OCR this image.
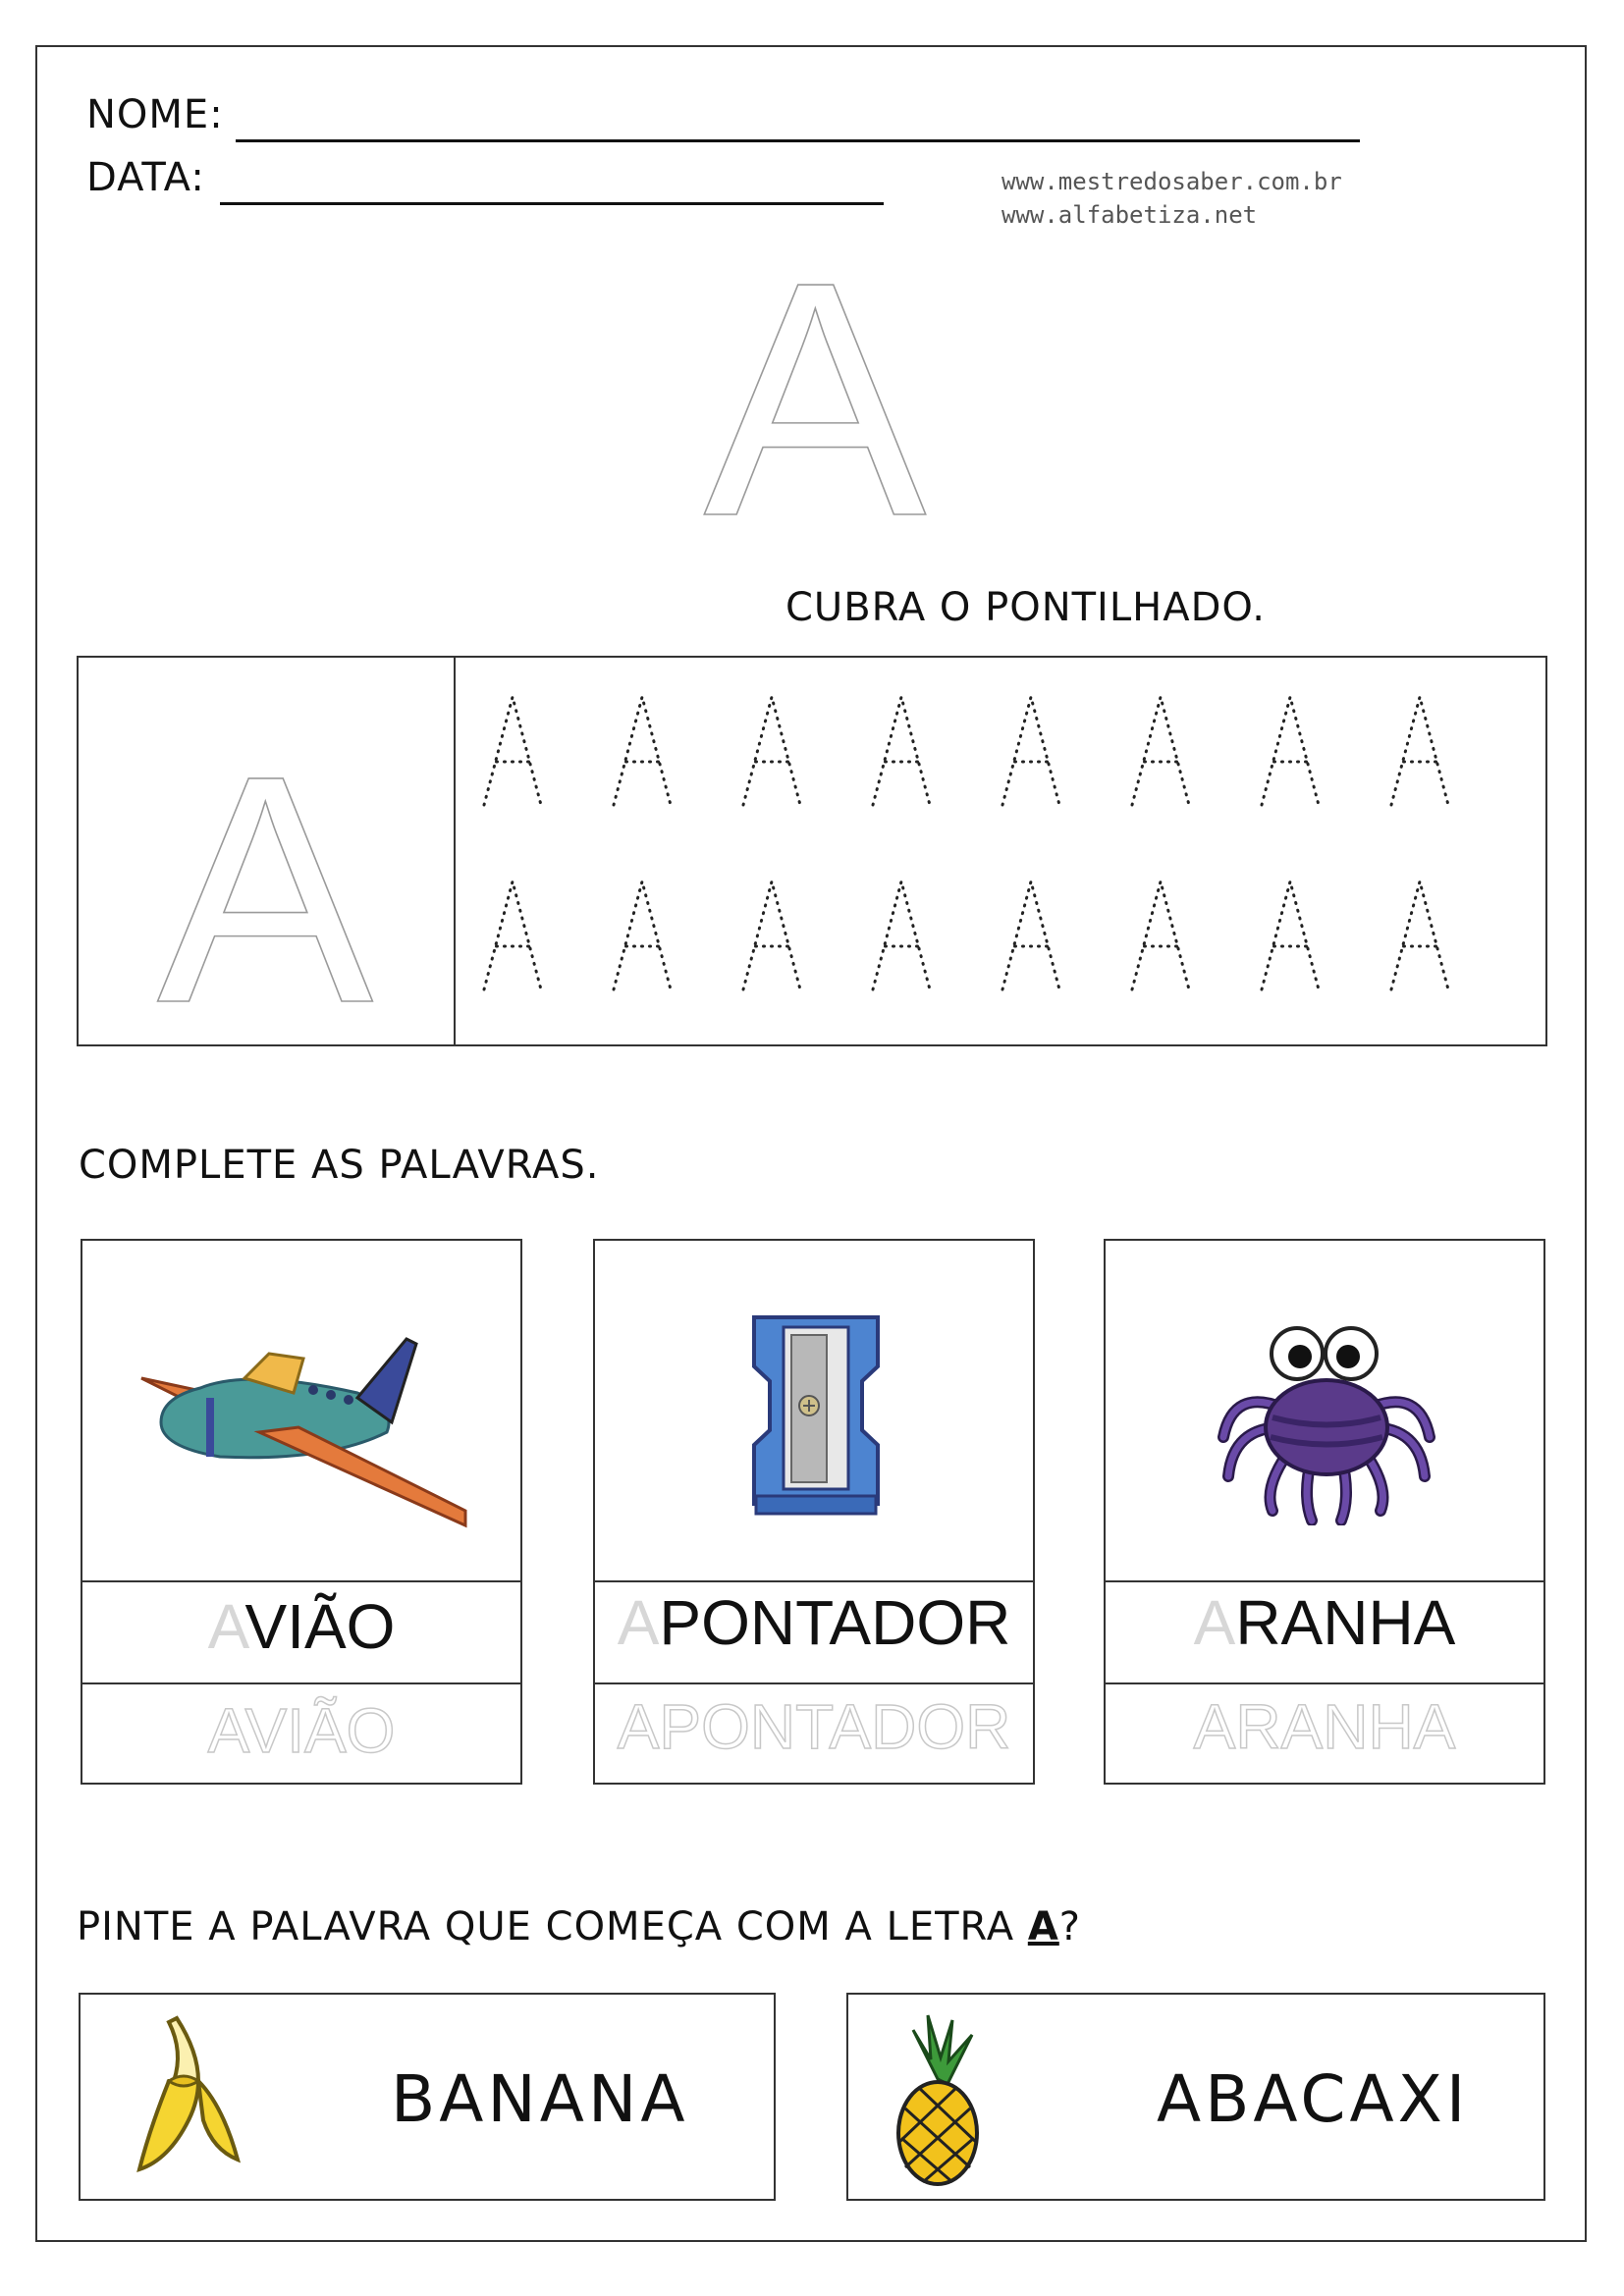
NOME:
DATA:	www.mestredosaber.com.br
www.alfabetiza.net
A
CUBRA O PONTILHADO.
A
COMPLETE AS PALAVRAS.
AVIÃO
AVIÃO
APONTADOR
APONTADOR
ARANHA
ARANHA
PINTE A PALAVRA QUE COMEÇA COM A LETRA A?
BANANA	ABACAXI
